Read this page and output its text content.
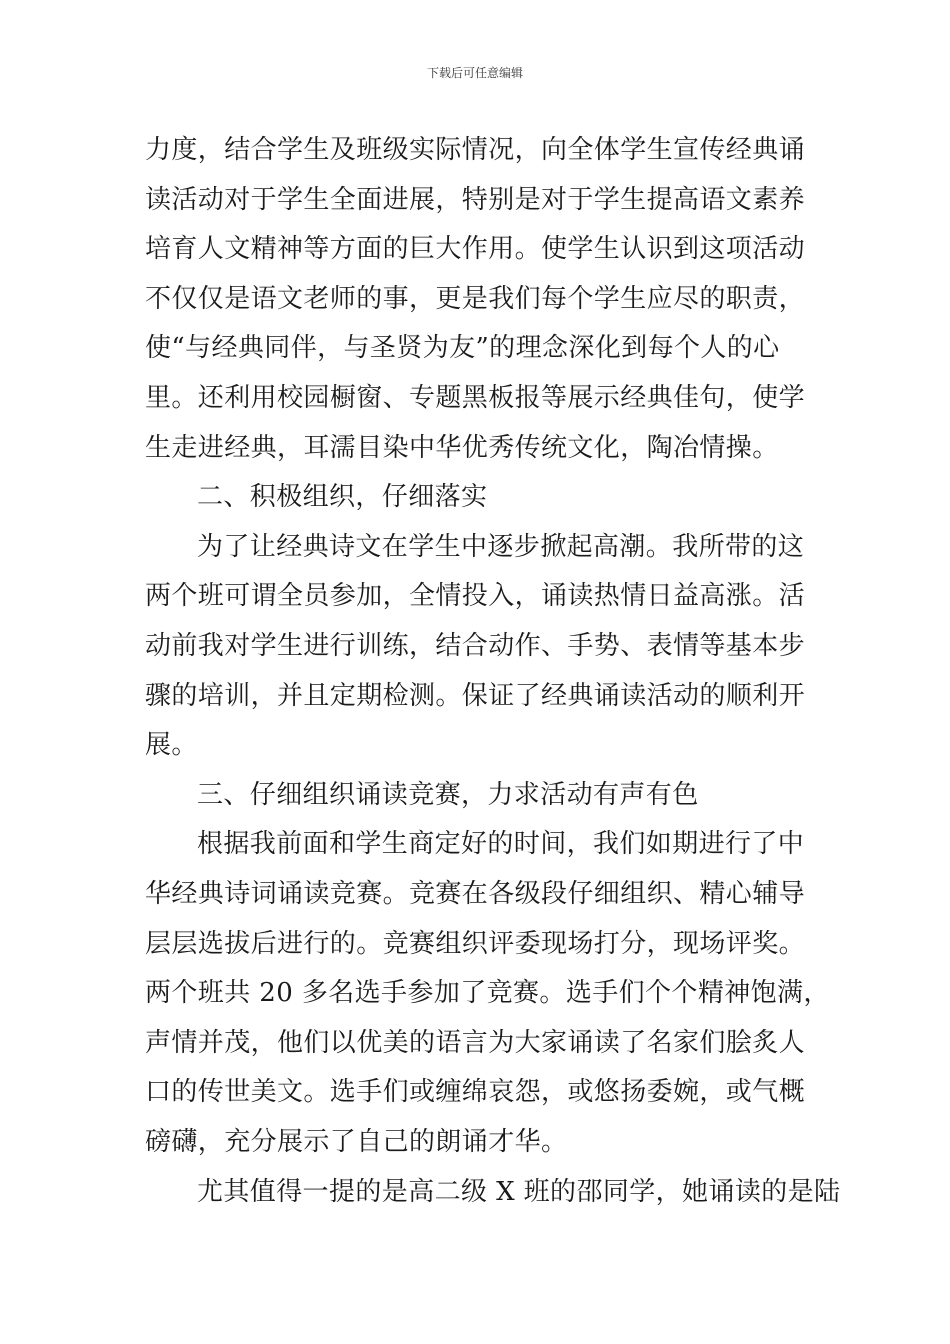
下载后可任意编辑
力度，结合学生及班级实际情况，向全体学生宣传经典诵
读活动对于学生全面进展，特别是对于学生提高语文素养
培育人文精神等方面的巨大作用。使学生认识到这项活动
不仅仅是语文老师的事，更是我们每个学生应尽的职责，
使“与经典同伴，与圣贤为友”的理念深化到每个人的心
里。还利用校园橱窗、专题黑板报等展示经典佳句，使学
生走进经典，耳濡目染中华优秀传统文化，陶冶情操。
二、积极组织，仔细落实
为了让经典诗文在学生中逐步掀起高潮。我所带的这
两个班可谓全员参加，全情投入，诵读热情日益高涨。活
动前我对学生进行训练，结合动作、手势、表情等基本步
骤的培训，并且定期检测。保证了经典诵读活动的顺利开
展。
三、仔细组织诵读竞赛，力求活动有声有色
根据我前面和学生商定好的时间，我们如期进行了中
华经典诗词诵读竞赛。竞赛在各级段仔细组织、精心辅导
层层选拔后进行的。竞赛组织评委现场打分，现场评奖。
两个班共 20 多名选手参加了竞赛。选手们个个精神饱满，
声情并茂，他们以优美的语言为大家诵读了名家们脍炙人
口的传世美文。选手们或缠绵哀怨，或悠扬委婉，或气概
磅礴，充分展示了自己的朗诵才华。
尤其值得一提的是高二级 X 班的邵同学，她诵读的是陆
